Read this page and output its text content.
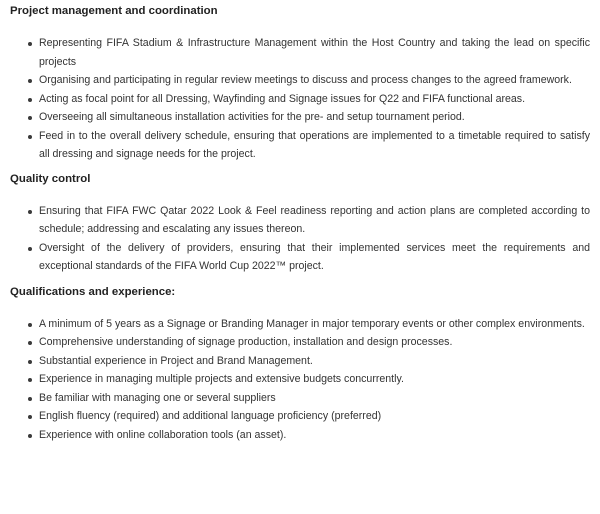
Project management and coordination
Representing FIFA Stadium & Infrastructure Management within the Host Country and taking the lead on specific projects
Organising and participating in regular review meetings to discuss and process changes to the agreed framework.
Acting as focal point for all Dressing, Wayfinding and Signage issues for Q22 and FIFA functional areas.
Overseeing all simultaneous installation activities for the pre- and setup tournament period.
Feed in to the overall delivery schedule, ensuring that operations are implemented to a timetable required to satisfy all dressing and signage needs for the project.
Quality control
Ensuring that FIFA FWC Qatar 2022 Look & Feel readiness reporting and action plans are completed according to schedule; addressing and escalating any issues thereon.
Oversight of the delivery of providers, ensuring that their implemented services meet the requirements and exceptional standards of the FIFA World Cup 2022™ project.
Qualifications and experience:
A minimum of 5 years as a Signage or Branding Manager in major temporary events or other complex environments.
Comprehensive understanding of signage production, installation and design processes.
Substantial experience in Project and Brand Management.
Experience in managing multiple projects and extensive budgets concurrently.
Be familiar with managing one or several suppliers
English fluency (required) and additional language proficiency (preferred)
Experience with online collaboration tools (an asset).
